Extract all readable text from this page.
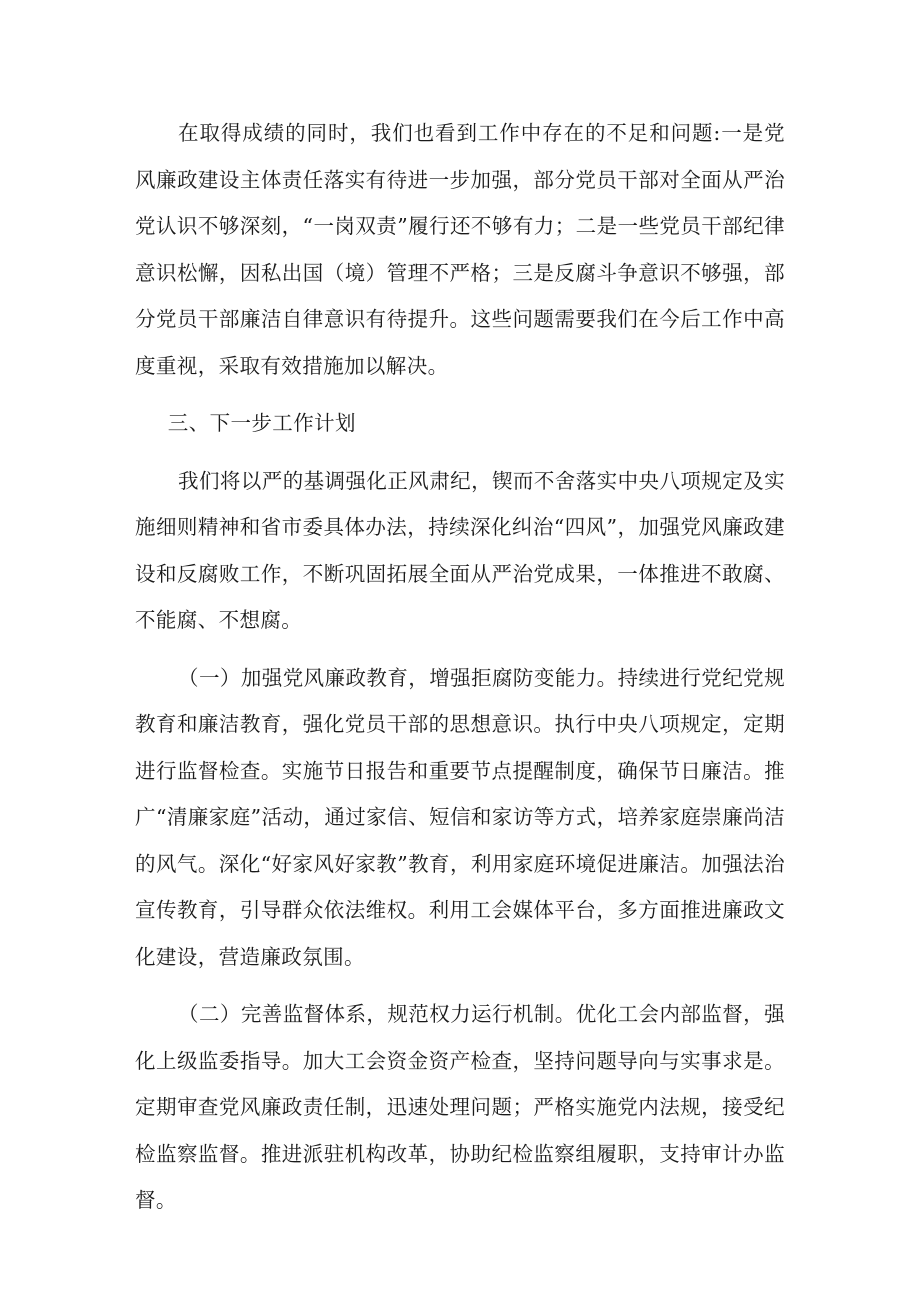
在取得成绩的同时，我们也看到工作中存在的不足和问题:一是党风廉政建设主体责任落实有待进一步加强，部分党员干部对全面从严治党认识不够深刻，“一岗双责”履行还不够有力；二是一些党员干部纪律意识松懈，因私出国（境）管理不严格；三是反腐斗争意识不够强，部分党员干部廉洁自律意识有待提升。这些问题需要我们在今后工作中高度重视，采取有效措施加以解决。

三、下一步工作计划

我们将以严的基调强化正风肃纪，锲而不舍落实中央八项规定及实施细则精神和省市委具体办法，持续深化纠治“四风”，加强党风廉政建设和反腐败工作，不断巩固拓展全面从严治党成果，一体推进不敢腐、不能腐、不想腐。

（一）加强党风廉政教育，增强拒腐防变能力。持续进行党纪党规教育和廉洁教育，强化党员干部的思想意识。执行中央八项规定，定期进行监督检查。实施节日报告和重要节点提醒制度，确保节日廉洁。推广“清廉家庭”活动，通过家信、短信和家访等方式，培养家庭崇廉尚洁的风气。深化“好家风好家教”教育，利用家庭环境促进廉洁。加强法治宣传教育，引导群众依法维权。利用工会媒体平台，多方面推进廉政文化建设，营造廉政氛围。

（二）完善监督体系，规范权力运行机制。优化工会内部监督，强化上级监委指导。加大工会资金资产检查，坚持问题导向与实事求是。定期审查党风廉政责任制，迅速处理问题；严格实施党内法规，接受纪检监察监督。推进派驻机构改革，协助纪检监察组履职，支持审计办监督。
